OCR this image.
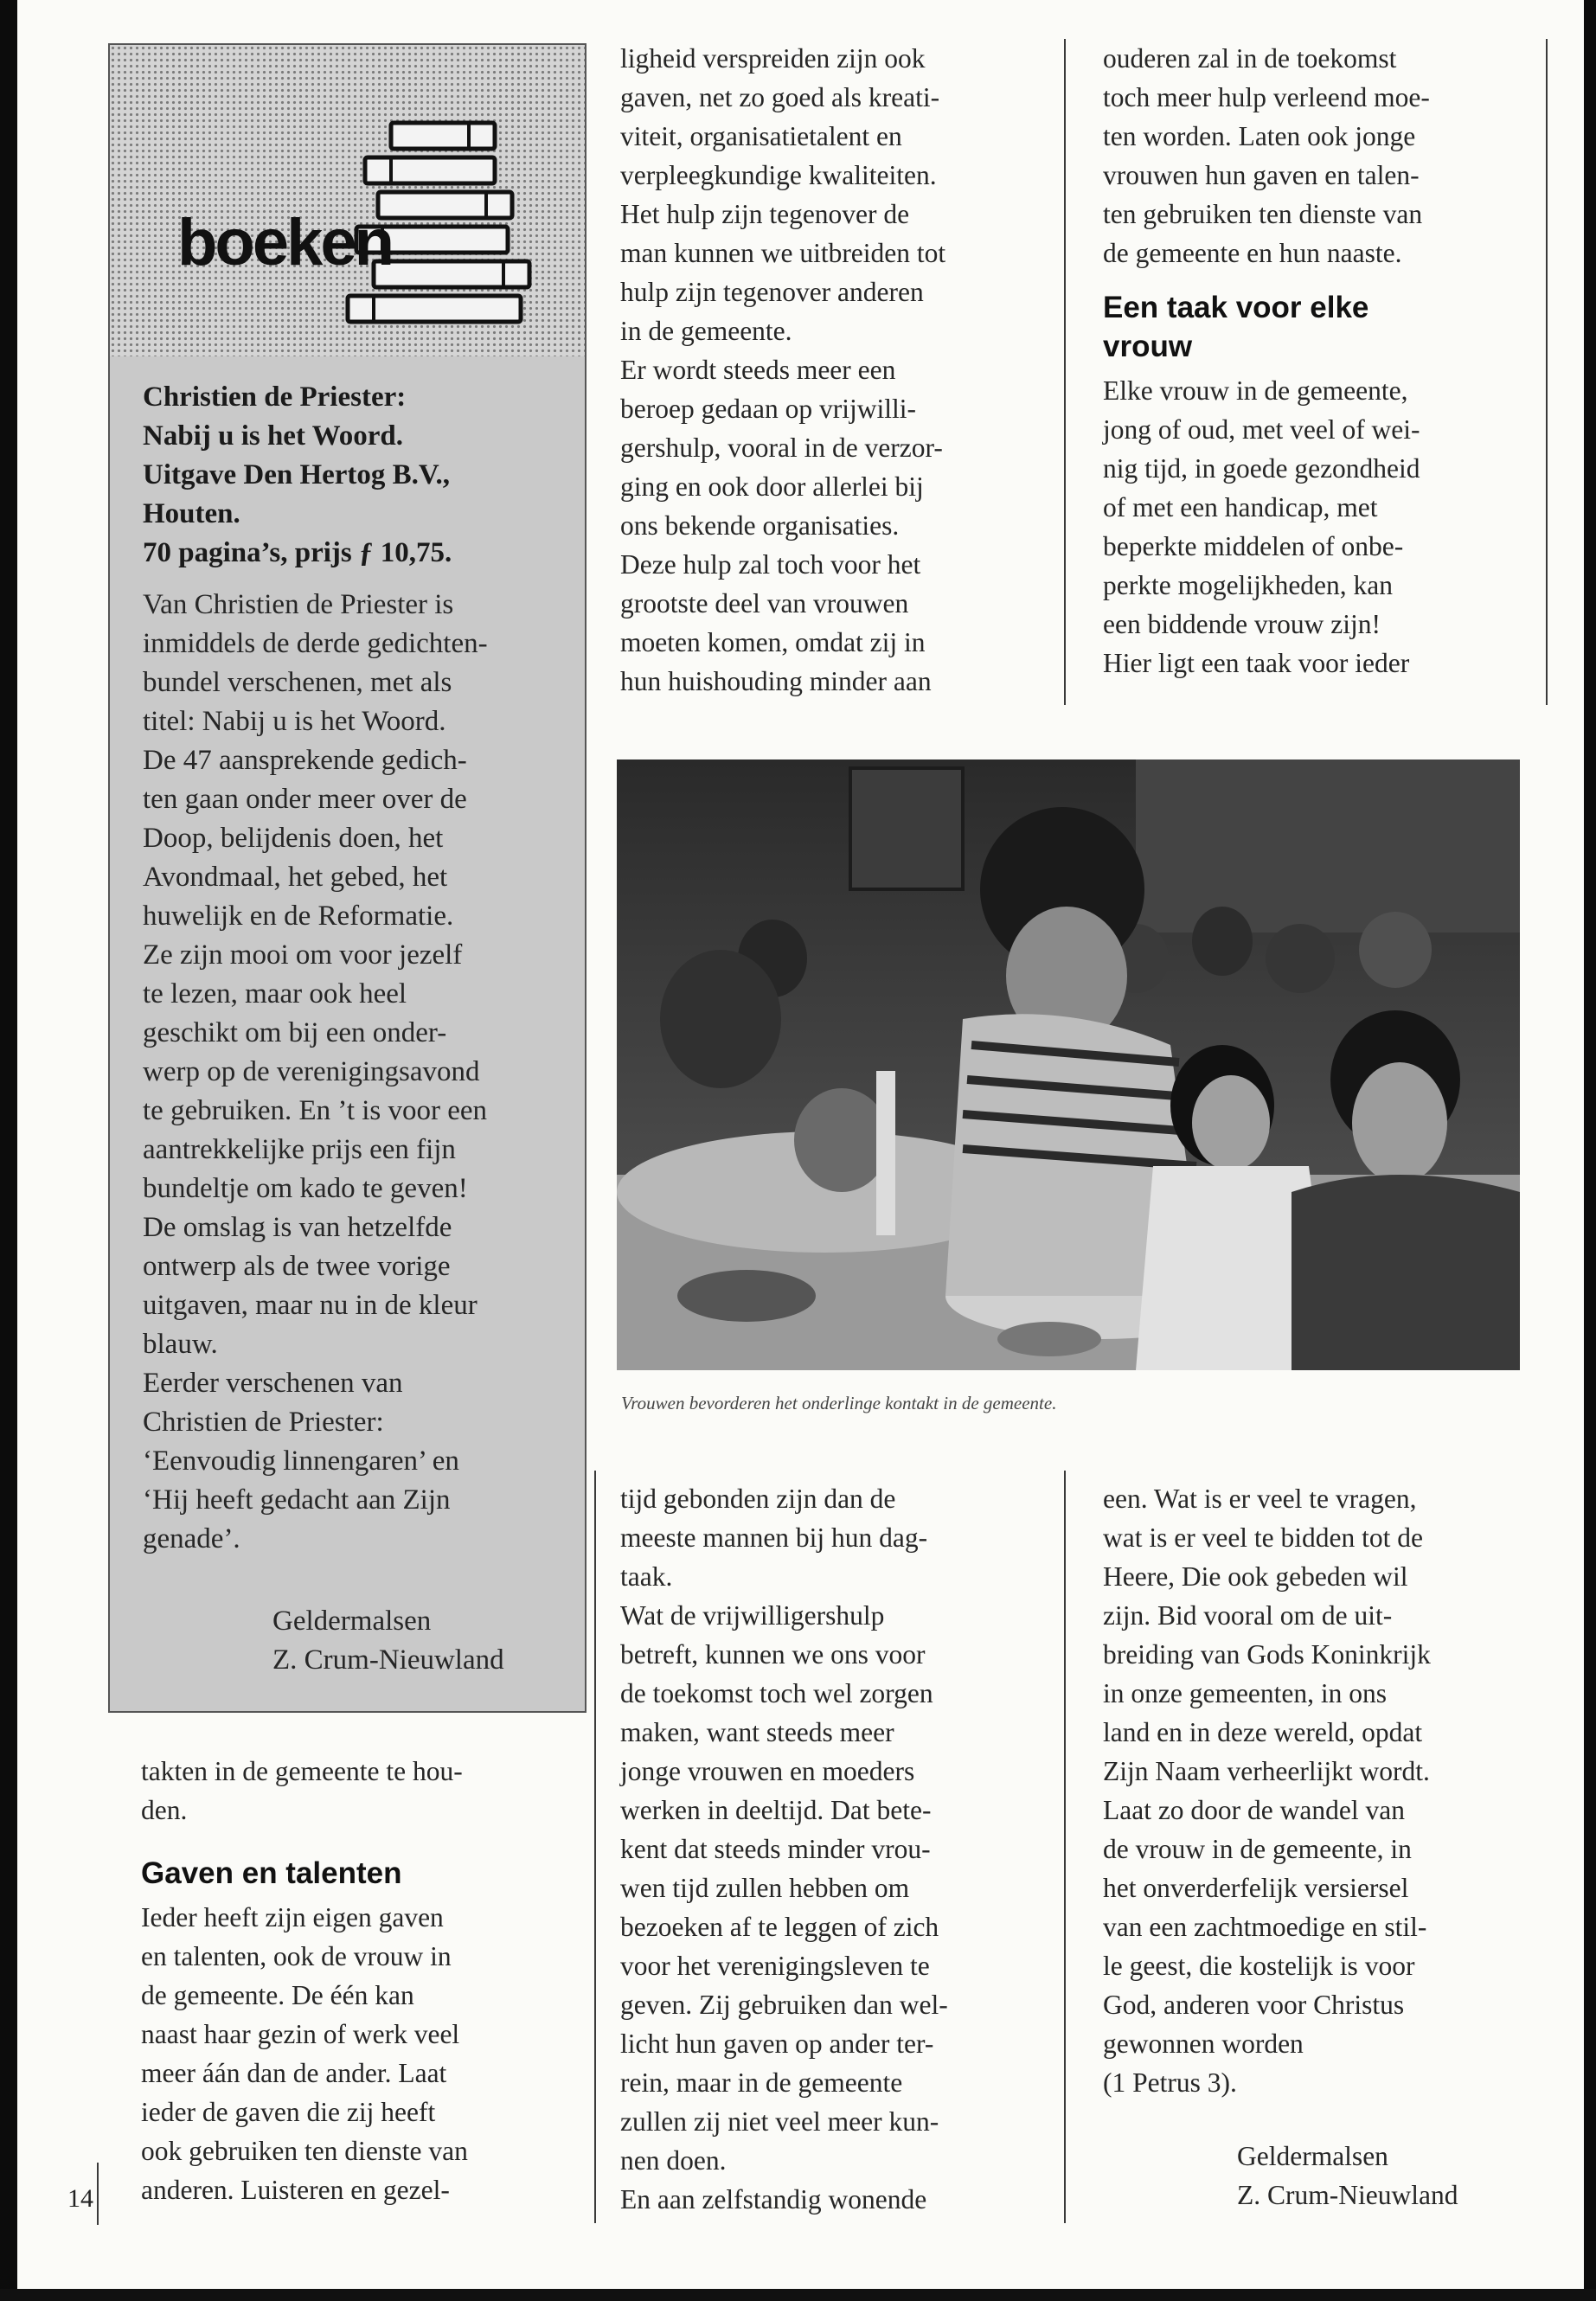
boeken
Christien de Priester:
Nabij u is het Woord.
Uitgave Den Hertog B.V.,
Houten.
70 pagina’s, prijs ƒ 10,75.
Van Christien de Priester is
inmiddels de derde gedichten-
bundel verschenen, met als
titel: Nabij u is het Woord.
De 47 aansprekende gedich-
ten gaan onder meer over de
Doop, belijdenis doen, het
Avondmaal, het gebed, het
huwelijk en de Reformatie.
Ze zijn mooi om voor jezelf
te lezen, maar ook heel
geschikt om bij een onder-
werp op de verenigingsavond
te gebruiken. En ’t is voor een
aantrekkelijke prijs een fijn
bundeltje om kado te geven!
De omslag is van hetzelfde
ontwerp als de twee vorige
uitgaven, maar nu in de kleur
blauw.
Eerder verschenen van
Christien de Priester:
‘Eenvoudig linnengaren’ en
‘Hij heeft gedacht aan Zijn
genade’.
Geldermalsen
Z. Crum-Nieuwland
takten in de gemeente te hou-
den.
Gaven en talenten
Ieder heeft zijn eigen gaven
en talenten, ook de vrouw in
de gemeente. De één kan
naast haar gezin of werk veel
meer áán dan de ander. Laat
ieder de gaven die zij heeft
ook gebruiken ten dienste van
anderen. Luisteren en gezel-
ligheid verspreiden zijn ook
gaven, net zo goed als kreati-
viteit, organisatietalent en
verpleegkundige kwaliteiten.
Het hulp zijn tegenover de
man kunnen we uitbreiden tot
hulp zijn tegenover anderen
in de gemeente.
Er wordt steeds meer een
beroep gedaan op vrijwilli-
gershulp, vooral in de verzor-
ging en ook door allerlei bij
ons bekende organisaties.
Deze hulp zal toch voor het
grootste deel van vrouwen
moeten komen, omdat zij in
hun huishouding minder aan
ouderen zal in de toekomst
toch meer hulp verleend moe-
ten worden. Laten ook jonge
vrouwen hun gaven en talen-
ten gebruiken ten dienste van
de gemeente en hun naaste.
Een taak voor elke
vrouw
Elke vrouw in de gemeente,
jong of oud, met veel of wei-
nig tijd, in goede gezondheid
of met een handicap, met
beperkte middelen of onbe-
perkte mogelijkheden, kan
een biddende vrouw zijn!
Hier ligt een taak voor ieder
Vrouwen bevorderen het onderlinge kontakt in de gemeente.
tijd gebonden zijn dan de
meeste mannen bij hun dag-
taak.
Wat de vrijwilligershulp
betreft, kunnen we ons voor
de toekomst toch wel zorgen
maken, want steeds meer
jonge vrouwen en moeders
werken in deeltijd. Dat bete-
kent dat steeds minder vrou-
wen tijd zullen hebben om
bezoeken af te leggen of zich
voor het verenigingsleven te
geven. Zij gebruiken dan wel-
licht hun gaven op ander ter-
rein, maar in de gemeente
zullen zij niet veel meer kun-
nen doen.
En aan zelfstandig wonende
een. Wat is er veel te vragen,
wat is er veel te bidden tot de
Heere, Die ook gebeden wil
zijn. Bid vooral om de uit-
breiding van Gods Koninkrijk
in onze gemeenten, in ons
land en in deze wereld, opdat
Zijn Naam verheerlijkt wordt.
Laat zo door de wandel van
de vrouw in de gemeente, in
het onverderfelijk versiersel
van een zachtmoedige en stil-
le geest, die kostelijk is voor
God, anderen voor Christus
gewonnen worden
(1 Petrus 3).
Geldermalsen
Z. Crum-Nieuwland
14
